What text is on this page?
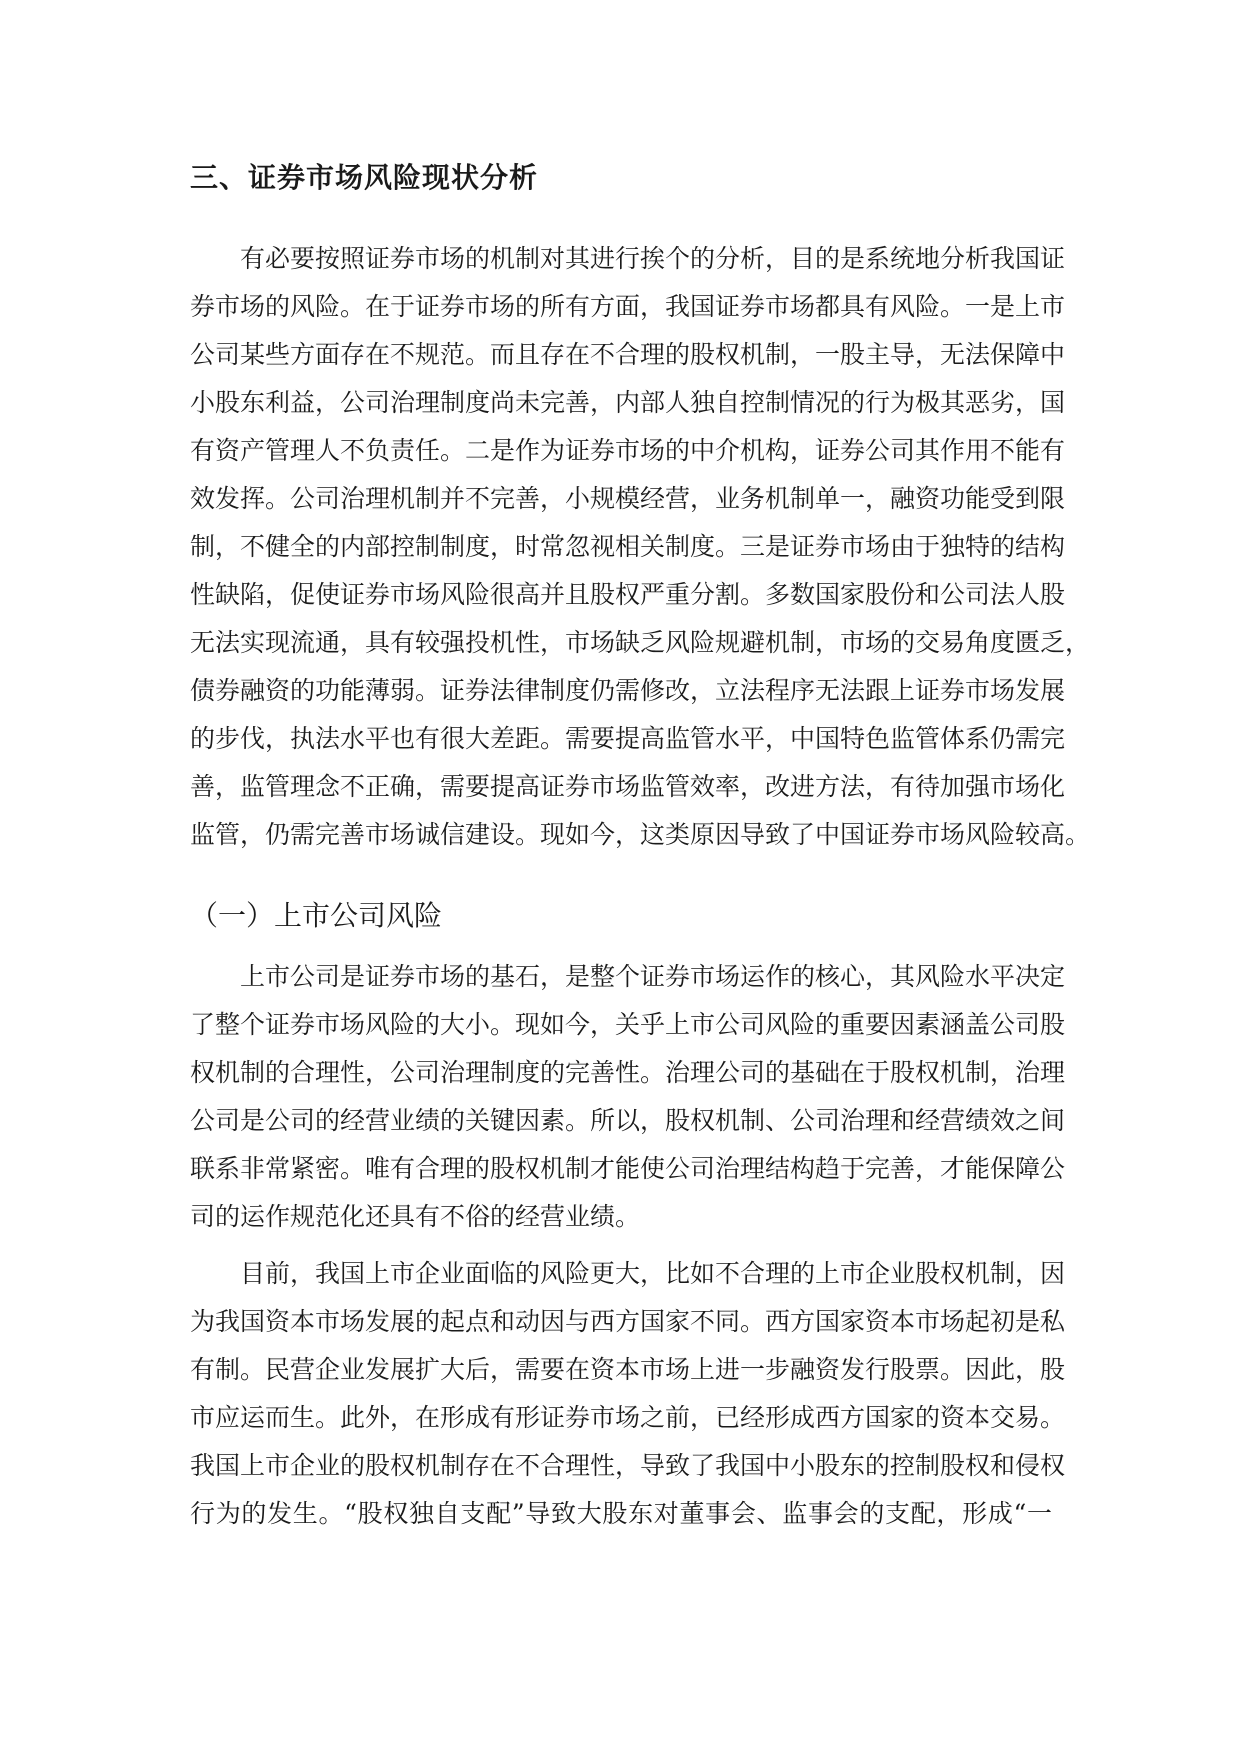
三、证券市场风险现状分析
有必要按照证券市场的机制对其进行挨个的分析，目的是系统地分析我国证
券市场的风险。在于证券市场的所有方面，我国证券市场都具有风险。一是上市
公司某些方面存在不规范。而且存在不合理的股权机制，一股主导，无法保障中
小股东利益，公司治理制度尚未完善，内部人独自控制情况的行为极其恶劣，国
有资产管理人不负责任。二是作为证券市场的中介机构，证券公司其作用不能有
效发挥。公司治理机制并不完善，小规模经营，业务机制单一，融资功能受到限
制，不健全的内部控制制度，时常忽视相关制度。三是证券市场由于独特的结构
性缺陷，促使证券市场风险很高并且股权严重分割。多数国家股份和公司法人股
无法实现流通，具有较强投机性，市场缺乏风险规避机制，市场的交易角度匮乏，
债券融资的功能薄弱。证券法律制度仍需修改，立法程序无法跟上证券市场发展
的步伐，执法水平也有很大差距。需要提高监管水平，中国特色监管体系仍需完
善，监管理念不正确，需要提高证券市场监管效率，改进方法，有待加强市场化
监管，仍需完善市场诚信建设。现如今，这类原因导致了中国证券市场风险较高。
（一）上市公司风险
上市公司是证券市场的基石，是整个证券市场运作的核心，其风险水平决定
了整个证券市场风险的大小。现如今，关乎上市公司风险的重要因素涵盖公司股
权机制的合理性，公司治理制度的完善性。治理公司的基础在于股权机制，治理
公司是公司的经营业绩的关键因素。所以，股权机制、公司治理和经营绩效之间
联系非常紧密。唯有合理的股权机制才能使公司治理结构趋于完善，才能保障公
司的运作规范化还具有不俗的经营业绩。
目前，我国上市企业面临的风险更大，比如不合理的上市企业股权机制，因
为我国资本市场发展的起点和动因与西方国家不同。西方国家资本市场起初是私
有制。民营企业发展扩大后，需要在资本市场上进一步融资发行股票。因此，股
市应运而生。此外，在形成有形证券市场之前，已经形成西方国家的资本交易。
我国上市企业的股权机制存在不合理性，导致了我国中小股东的控制股权和侵权
行为的发生。“股权独自支配”导致大股东对董事会、监事会的支配，形成“一
